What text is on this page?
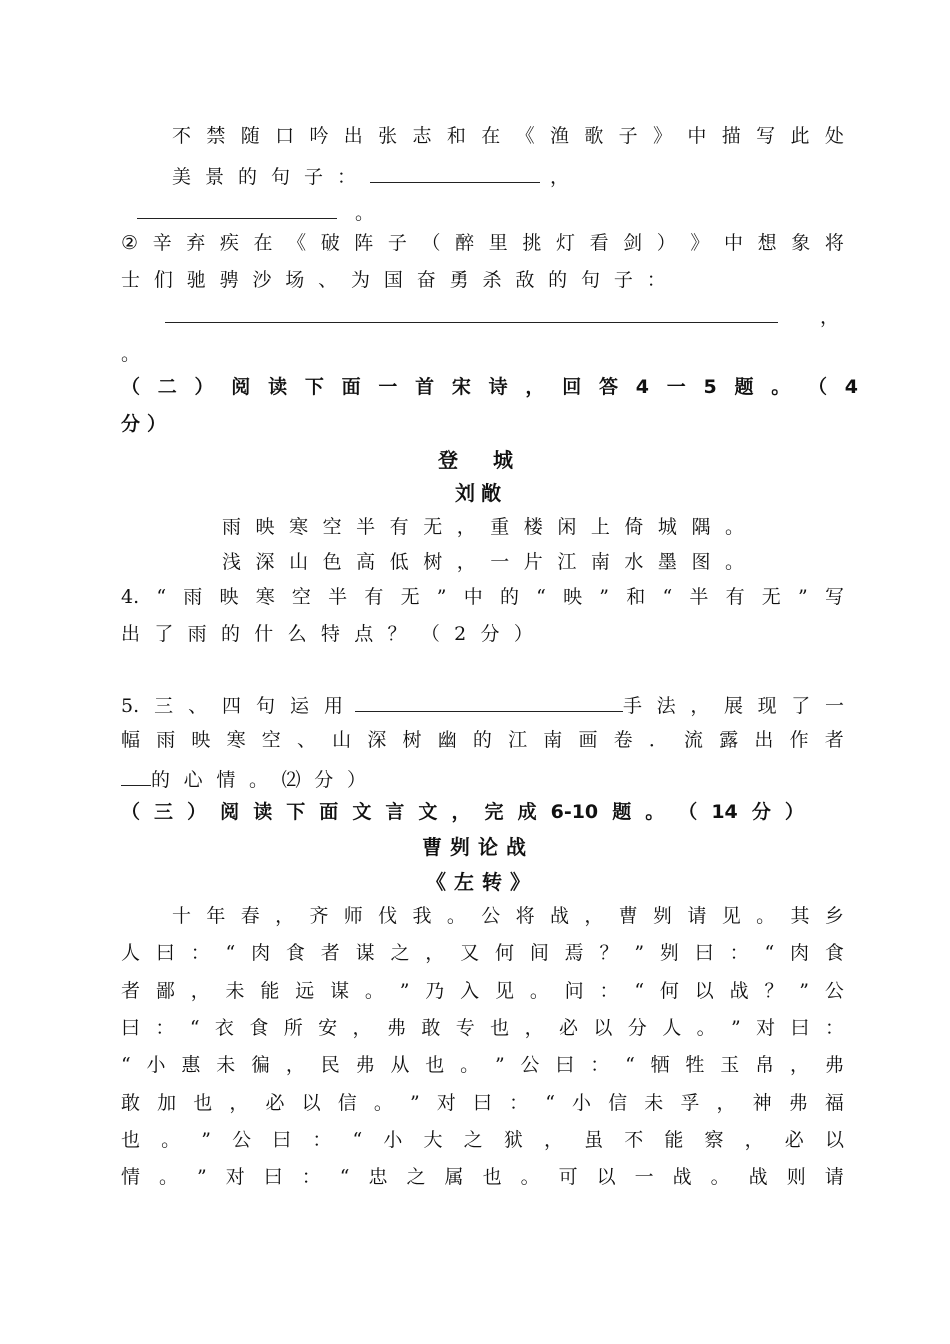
不 禁 随 口 吟 出 张 志 和 在 《 渔 歌 子 》 中 描 写 此 处
美景的句子：	，
。
② 辛 弃 疾 在 《 破 阵 子 （ 醉 里 挑 灯 看 剑 ） 》 中 想 象 将
士 们 驰 骋 沙 场 、 为 国 奋 勇 杀 敌 的 句 子 ：
，
。
（ 二 ） 阅 读 下 面 一 首 宋 诗 ， 回 答 4 一 5 题 。 （ 4
分 ）
登 城
刘敞
雨 映 寒 空 半 有 无 ， 重 楼 闲 上 倚 城 隅 。
浅 深 山 色 高 低 树 ， 一 片 江 南 水 墨 图 。
4. “ 雨 映 寒 空 半 有 无 ” 中 的 “ 映 ” 和 “ 半 有 无 ” 写
出 了 雨 的 什 么 特 点 ？ （ 2 分 ）
5. 三 、 四 句 运 用	手 法 ， 展 现 了 一
幅 雨 映 寒 空 、 山 深 树 幽 的 江 南 画 卷 ． 流 露 出 作 者
的 心 情 。 ⑵ 分 ）
（ 三 ） 阅 读 下 面 文 言 文 ， 完 成 6-10 题 。 （ 14 分 ）
曹刿论战
《左转》
十 年 春 ， 齐 师 伐 我 。 公 将 战 ， 曹 刿 请 见 。 其 乡
人 曰 ： “ 肉 食 者 谋 之 ， 又 何 间 焉 ？ ” 刿 曰 ： “ 肉 食
者 鄙 ， 未 能 远 谋 。 ” 乃 入 见 。 问 ： “ 何 以 战 ？ ” 公
曰 ： “ 衣 食 所 安 ， 弗 敢 专 也 ， 必 以 分 人 。 ” 对 曰 ：
“ 小 惠 未 徧 ， 民 弗 从 也 。 ” 公 曰 ： “ 牺 牲 玉 帛 ， 弗
敢 加 也 ， 必 以 信 。 ” 对 曰 ： “ 小 信 未 孚 ， 神 弗 福
也 。 ” 公 曰 ： “ 小 大 之 狱 ， 虽 不 能 察 ， 必 以
情 。 ” 对 曰 ： “ 忠 之 属 也 。 可 以 一 战 。 战 则 请
